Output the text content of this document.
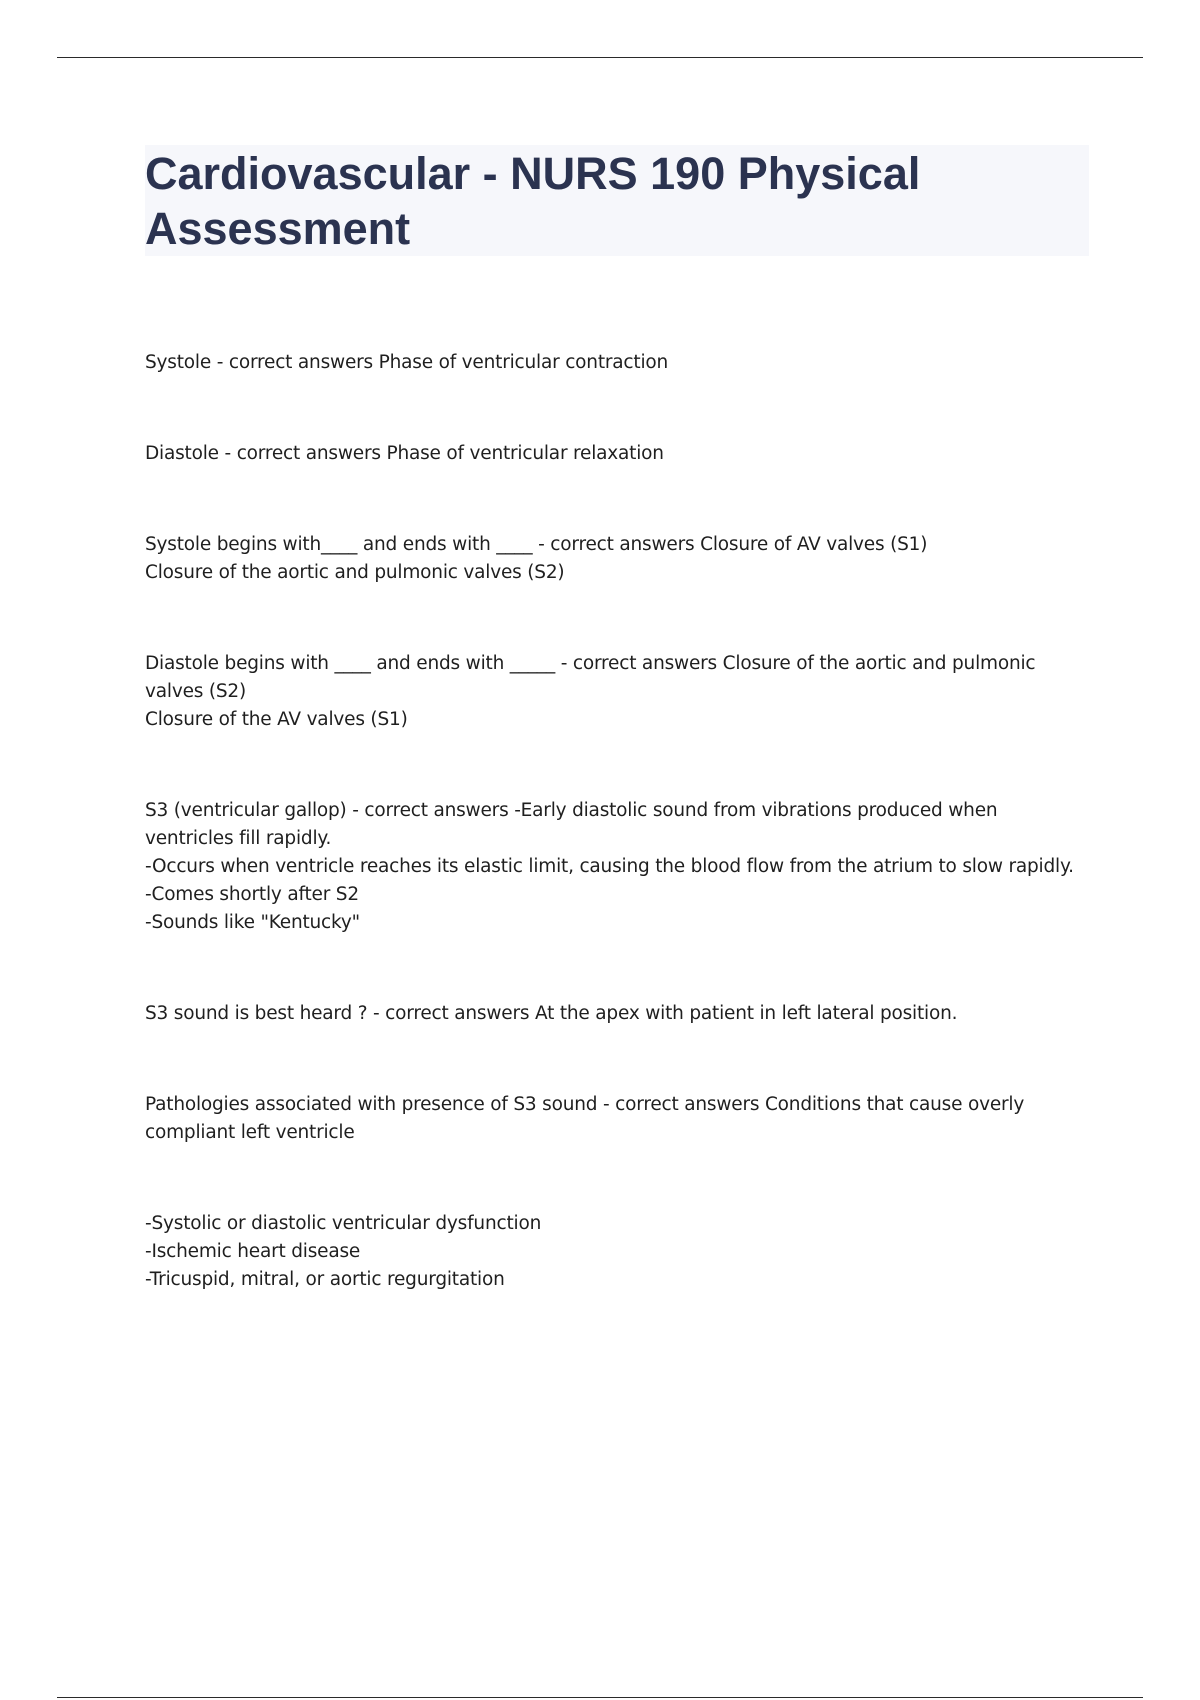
Cardiovascular - NURS 190 Physical Assessment

Systole - correct answers Phase of ventricular contraction

Diastole - correct answers Phase of ventricular relaxation

Systole begins with____ and ends with ____ - correct answers Closure of AV valves (S1)

Closure of the aortic and pulmonic valves (S2)

Diastole begins with ____ and ends with _____ - correct answers Closure of the aortic and pulmonic valves (S2)

Closure of the AV valves (S1)

S3 (ventricular gallop) - correct answers -Early diastolic sound from vibrations produced when ventricles fill rapidly.

-Occurs when ventricle reaches its elastic limit, causing the blood flow from the atrium to slow rapidly.

-Comes shortly after S2

-Sounds like "Kentucky"

S3 sound is best heard ? - correct answers At the apex with patient in left lateral position.

Pathologies associated with presence of S3 sound - correct answers Conditions that cause overly compliant left ventricle

-Systolic or diastolic ventricular dysfunction

-Ischemic heart disease

-Tricuspid, mitral, or aortic regurgitation
